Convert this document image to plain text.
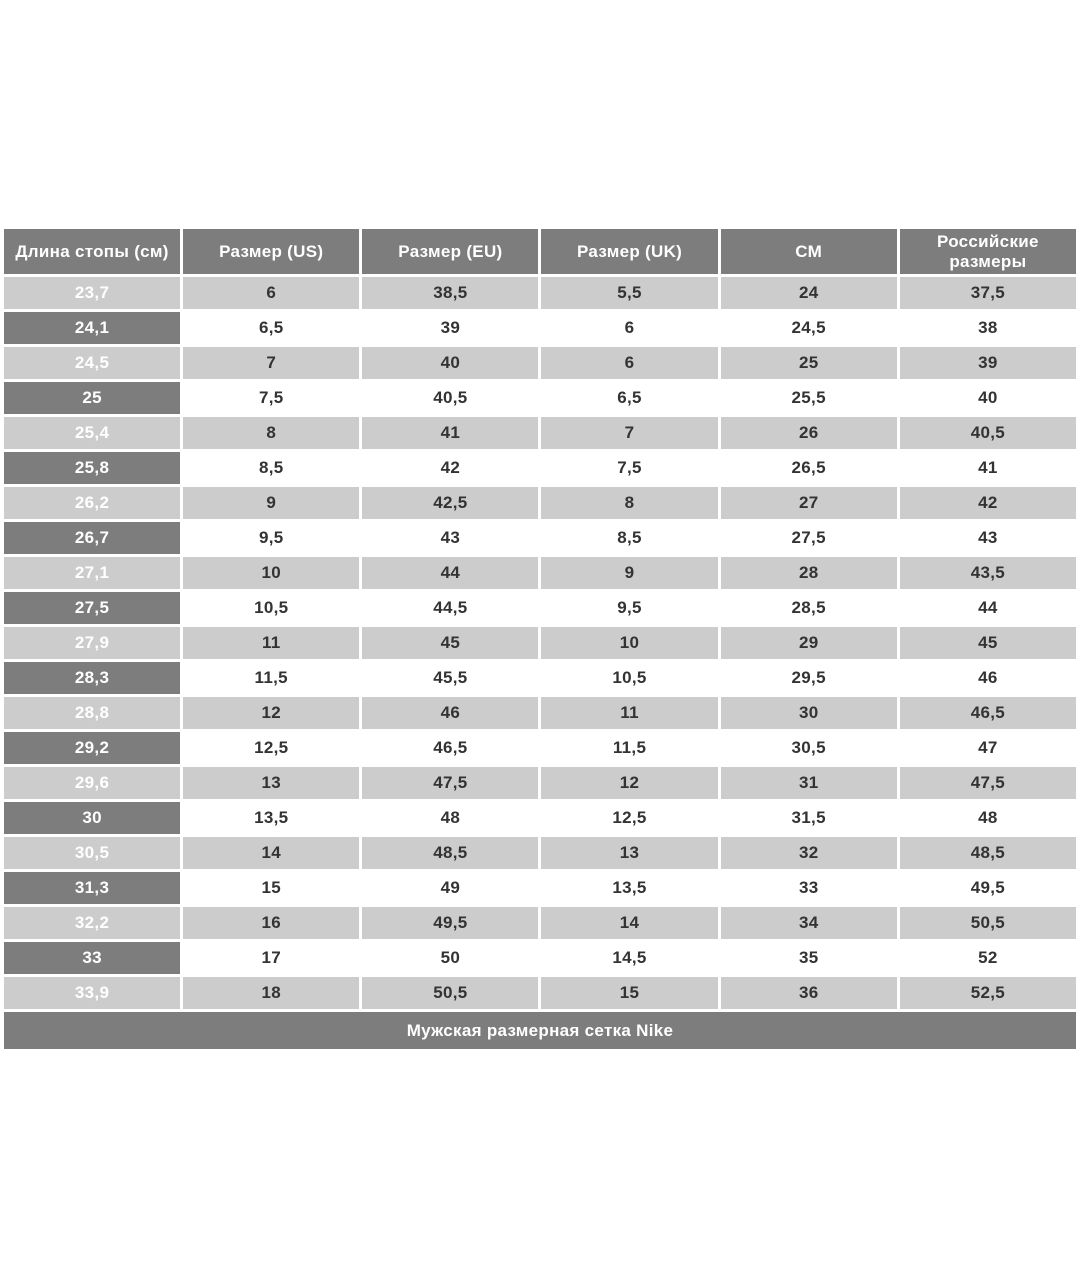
Длина стопы (см)	Размер (US)	Размер (EU)	Размер (UK)	СМ	Российские размеры
23,7	6	38,5	5,5	24	37,5
24,1	6,5	39	6	24,5	38
24,5	7	40	6	25	39
25	7,5	40,5	6,5	25,5	40
25,4	8	41	7	26	40,5
25,8	8,5	42	7,5	26,5	41
26,2	9	42,5	8	27	42
26,7	9,5	43	8,5	27,5	43
27,1	10	44	9	28	43,5
27,5	10,5	44,5	9,5	28,5	44
27,9	11	45	10	29	45
28,3	11,5	45,5	10,5	29,5	46
28,8	12	46	11	30	46,5
29,2	12,5	46,5	11,5	30,5	47
29,6	13	47,5	12	31	47,5
30	13,5	48	12,5	31,5	48
30,5	14	48,5	13	32	48,5
31,3	15	49	13,5	33	49,5
32,2	16	49,5	14	34	50,5
33	17	50	14,5	35	52
33,9	18	50,5	15	36	52,5
Мужская размерная сетка Nike					
